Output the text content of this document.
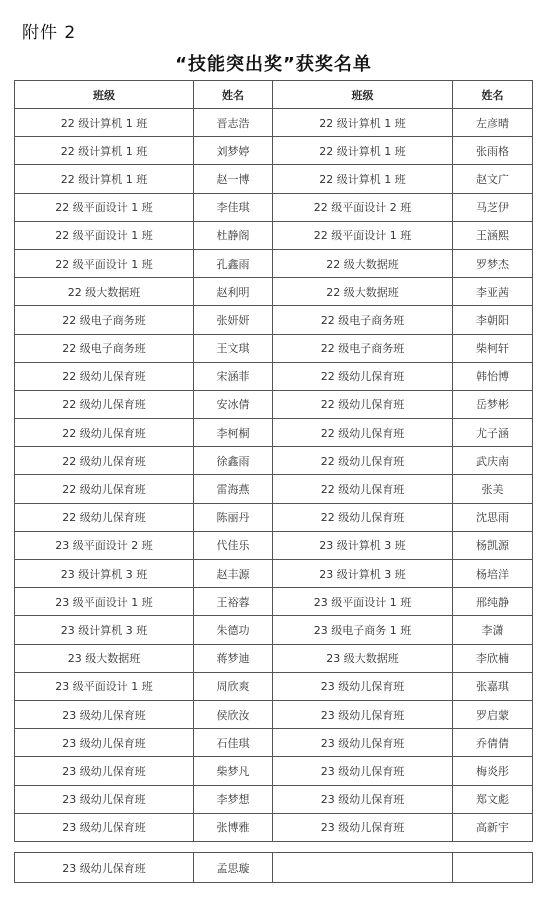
附件 2
“技能突出奖”获奖名单
班级	姓名	班级	姓名
22 级计算机 1 班	晋志浩	22 级计算机 1 班	左彦晴
22 级计算机 1 班	刘梦婷	22 级计算机 1 班	张雨格
22 级计算机 1 班	赵一博	22 级计算机 1 班	赵文广
22 级平面设计 1 班	李佳琪	22 级平面设计 2 班	马芝伊
22 级平面设计 1 班	杜静阁	22 级平面设计 1 班	王涵熙
22 级平面设计 1 班	孔鑫雨	22 级大数据班	罗梦杰
22 级大数据班	赵利明	22 级大数据班	李亚茜
22 级电子商务班	张妍妍	22 级电子商务班	李朝阳
22 级电子商务班	王文琪	22 级电子商务班	柴柯轩
22 级幼儿保育班	宋涵菲	22 级幼儿保育班	韩怡博
22 级幼儿保育班	安冰倩	22 级幼儿保育班	岳梦彬
22 级幼儿保育班	李柯桐	22 级幼儿保育班	尤子涵
22 级幼儿保育班	徐鑫雨	22 级幼儿保育班	武庆南
22 级幼儿保育班	雷海燕	22 级幼儿保育班	张美
22 级幼儿保育班	陈丽丹	22 级幼儿保育班	沈思雨
23 级平面设计 2 班	代佳乐	23 级计算机 3 班	杨凯源
23 级计算机 3 班	赵丰源	23 级计算机 3 班	杨培洋
23 级平面设计 1 班	王裕蓉	23 级平面设计 1 班	邢纯静
23 级计算机 3 班	朱德功	23 级电子商务 1 班	李潇
23 级大数据班	蒋梦迪	23 级大数据班	李欣楠
23 级平面设计 1 班	周欣爽	23 级幼儿保育班	张嘉琪
23 级幼儿保育班	侯欣汝	23 级幼儿保育班	罗启蒙
23 级幼儿保育班	石佳琪	23 级幼儿保育班	乔倩倩
23 级幼儿保育班	柴梦凡	23 级幼儿保育班	梅炎彤
23 级幼儿保育班	李梦想	23 级幼儿保育班	郑文彪
23 级幼儿保育班	张博雅	23 级幼儿保育班	高新宇
23 级幼儿保育班	孟思璇		
